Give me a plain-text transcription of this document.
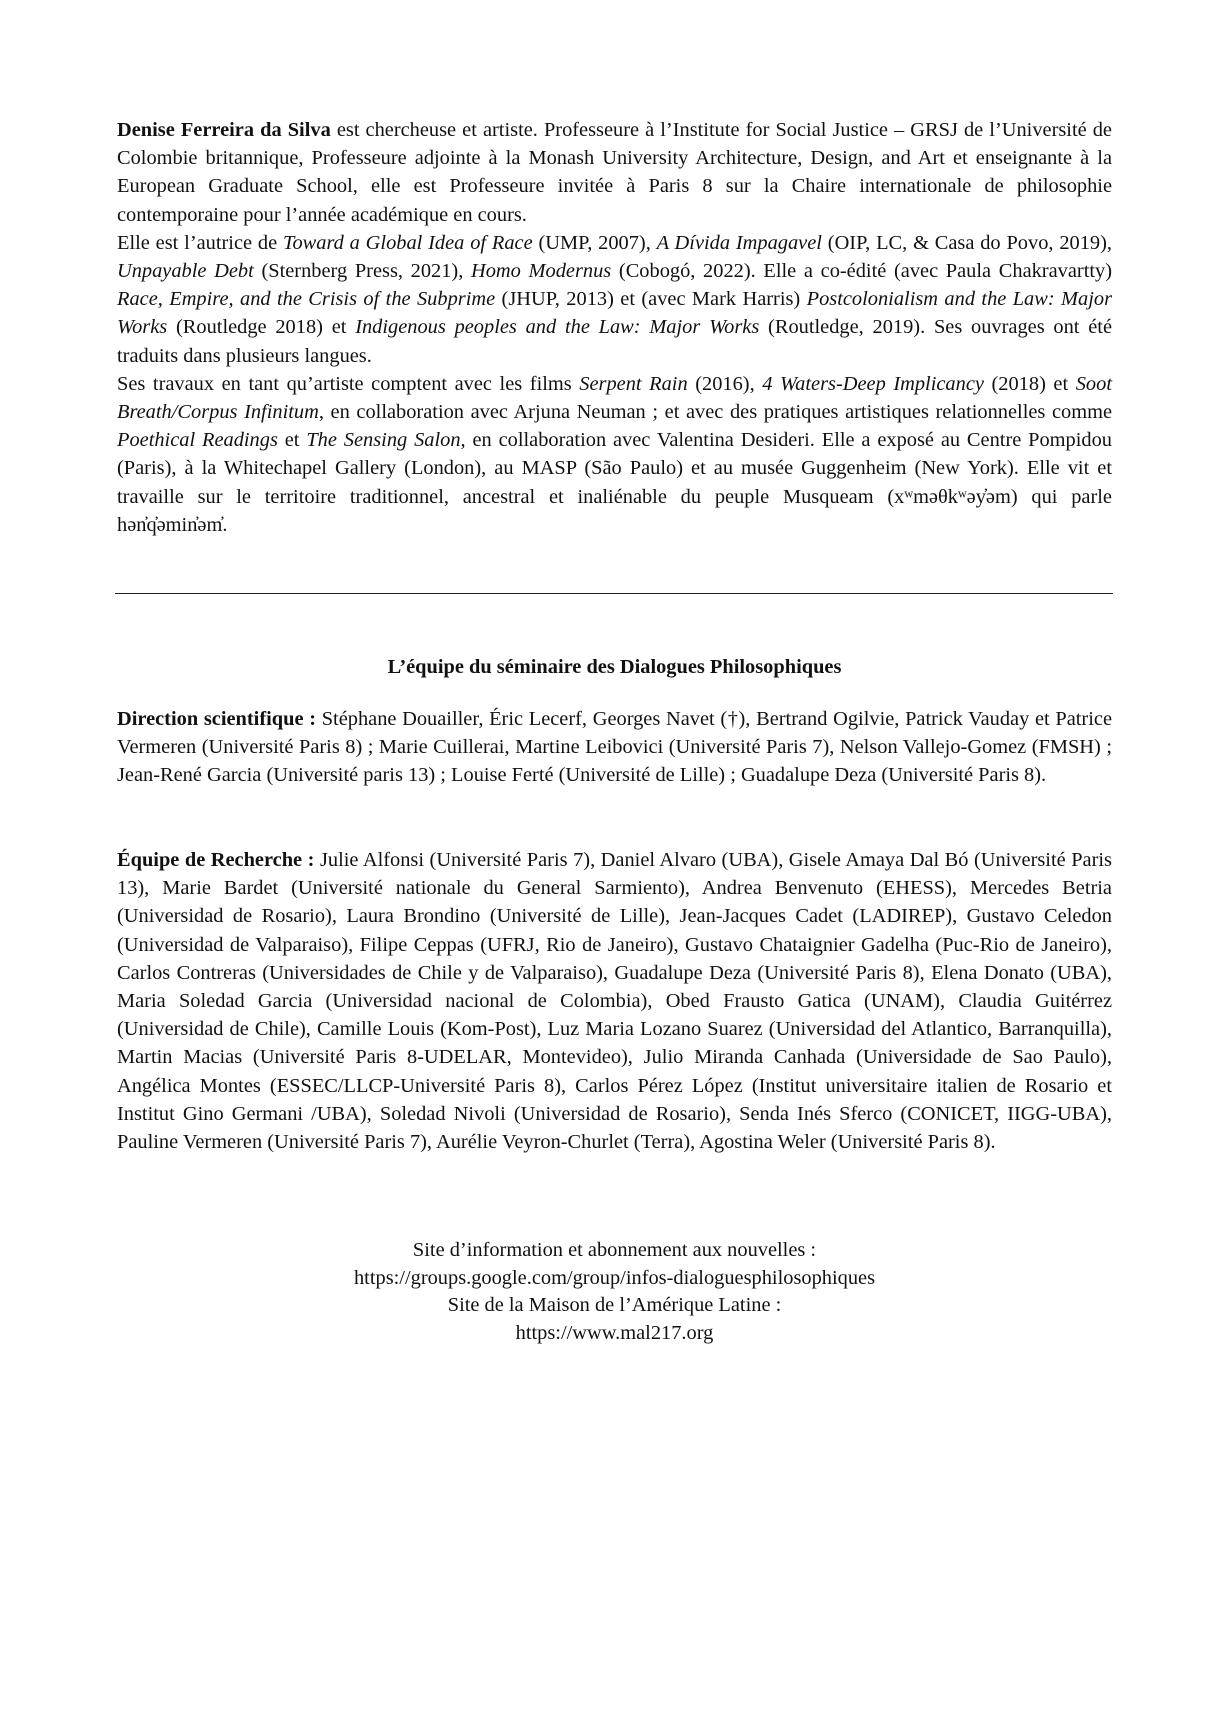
Denise Ferreira da Silva est chercheuse et artiste. Professeure à l’Institute for Social Justice – GRSJ de l’Université de Colombie britannique, Professeure adjointe à la Monash University Architecture, Design, and Art et enseignante à la European Graduate School, elle est Professeure invitée à Paris 8 sur la Chaire internationale de philosophie contemporaine pour l’année académique en cours.

Elle est l’autrice de Toward a Global Idea of Race (UMP, 2007), A Dívida Impagavel (OIP, LC, & Casa do Povo, 2019), Unpayable Debt (Sternberg Press, 2021), Homo Modernus (Cobogó, 2022). Elle a co-édité (avec Paula Chakravartty) Race, Empire, and the Crisis of the Subprime (JHUP, 2013) et (avec Mark Harris) Postcolonialism and the Law: Major Works (Routledge 2018) et Indigenous peoples and the Law: Major Works (Routledge, 2019). Ses ouvrages ont été traduits dans plusieurs langues.

Ses travaux en tant qu’artiste comptent avec les films Serpent Rain (2016), 4 Waters-Deep Implicancy (2018) et Soot Breath/Corpus Infinitum, en collaboration avec Arjuna Neuman ; et avec des pratiques artistiques relationnelles comme Poethical Readings et The Sensing Salon, en collaboration avec Valentina Desideri. Elle a exposé au Centre Pompidou (Paris), à la Whitechapel Gallery (London), au MASP (São Paulo) et au musée Guggenheim (New York). Elle vit et travaille sur le territoire traditionnel, ancestral et inaliénable du peuple Musqueam (xʷməθkʷəy̓əm) qui parle hən̓q̓əmin̓əm̓.

L’équipe du séminaire des Dialogues Philosophiques
Direction scientifique : Stéphane Douailler, Éric Lecerf, Georges Navet (†), Bertrand Ogilvie, Patrick Vauday et Patrice Vermeren (Université Paris 8) ; Marie Cuillerai, Martine Leibovici (Université Paris 7), Nelson Vallejo-Gomez (FMSH) ; Jean-René Garcia (Université paris 13) ; Louise Ferté (Université de Lille) ; Guadalupe Deza (Université Paris 8).
Équipe de Recherche : Julie Alfonsi (Université Paris 7), Daniel Alvaro (UBA), Gisele Amaya Dal Bó (Université Paris 13), Marie Bardet (Université nationale du General Sarmiento), Andrea Benvenuto (EHESS), Mercedes Betria (Universidad de Rosario), Laura Brondino (Université de Lille), Jean-Jacques Cadet (LADIREP), Gustavo Celedon (Universidad de Valparaiso), Filipe Ceppas (UFRJ, Rio de Janeiro), Gustavo Chataignier Gadelha (Puc-Rio de Janeiro), Carlos Contreras (Universidades de Chile y de Valparaiso), Guadalupe Deza (Université Paris 8), Elena Donato (UBA), Maria Soledad Garcia (Universidad nacional de Colombia), Obed Frausto Gatica (UNAM), Claudia Guitérrez (Universidad de Chile), Camille Louis (Kom-Post), Luz Maria Lozano Suarez (Universidad del Atlantico, Barranquilla), Martin Macias (Université Paris 8-UDELAR, Montevideo), Julio Miranda Canhada (Universidade de Sao Paulo), Angélica Montes (ESSEC/LLCP-Université Paris 8), Carlos Pérez López (Institut universitaire italien de Rosario et Institut Gino Germani /UBA), Soledad Nivoli (Universidad de Rosario), Senda Inés Sferco (CONICET, IIGG-UBA), Pauline Vermeren (Université Paris 7), Aurélie Veyron-Churlet (Terra), Agostina Weler (Université Paris 8).
Site d’information et abonnement aux nouvelles :
https://groups.google.com/group/infos-dialoguesphilosophiques
Site de la Maison de l’Amérique Latine :
https://www.mal217.org
